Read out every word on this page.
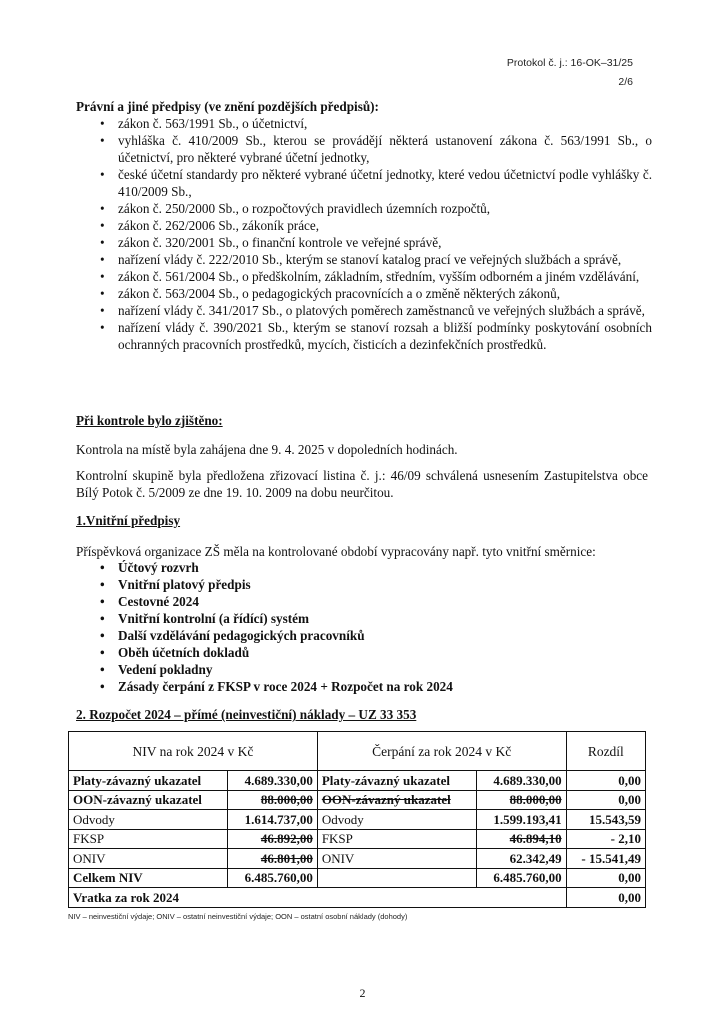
Protokol č. j.: 16-OK–31/25
2/6
Právní a jiné předpisy (ve znění pozdějších předpisů):
• zákon č. 563/1991 Sb., o účetnictví,
• vyhláška č. 410/2009 Sb., kterou se provádějí některá ustanovení zákona č. 563/1991 Sb., o účetnictví, pro některé vybrané účetní jednotky,
• české účetní standardy pro některé vybrané účetní jednotky, které vedou účetnictví podle vyhlášky č. 410/2009 Sb.,
• zákon č. 250/2000 Sb., o rozpočtových pravidlech územních rozpočtů,
• zákon č. 262/2006 Sb., zákoník práce,
• zákon č. 320/2001 Sb., o finanční kontrole ve veřejné správě,
• nařízení vlády č. 222/2010 Sb., kterým se stanoví katalog prací ve veřejných službách a správě,
• zákon č. 561/2004 Sb., o předškolním, základním, středním, vyšším odborném a jiném vzdělávání,
• zákon č. 563/2004 Sb., o pedagogických pracovnících a o změně některých zákonů,
• nařízení vlády č. 341/2017 Sb., o platových poměrech zaměstnanců ve veřejných službách a správě,
• nařízení vlády č. 390/2021 Sb., kterým se stanoví rozsah a bližší podmínky poskytování osobních ochranných pracovních prostředků, mycích, čisticích a dezinfekčních prostředků.
Při kontrole bylo zjištěno:
Kontrola na místě byla zahájena dne 9. 4. 2025 v dopoledních hodinách.
Kontrolní skupině byla předložena zřizovací listina č. j.: 46/09 schválená usnesením Zastupitelstva obce Bílý Potok č. 5/2009 ze dne 19. 10. 2009 na dobu neurčitou.
1.Vnitřní předpisy
Příspěvková organizace ZŠ měla na kontrolované období vypracovány např. tyto vnitřní směrnice:
• Účtový rozvrh
• Vnitřní platový předpis
• Cestovné 2024
• Vnitřní kontrolní (a řídící) systém
• Další vzdělávání pedagogických pracovníků
• Oběh účetních dokladů
• Vedení pokladny
• Zásady čerpání z FKSP v roce 2024 + Rozpočet na rok 2024
2. Rozpočet 2024 – přímé (neinvestiční) náklady – UZ 33 353
NIV na rok 2024 v Kč		Čerpání za rok 2024 v Kč		Rozdíl
Platy-závazný ukazatel	4.689.330,00	Platy-závazný ukazatel	4.689.330,00	0,00
OON-závazný ukazatel	88.000,00	OON-závazný ukazatel	88.000,00	0,00
Odvody	1.614.737,00	Odvody	1.599.193,41	15.543,59
FKSP	46.892,00	FKSP	46.894,10	- 2,10
ONIV	46.801,00	ONIV	62.342,49	- 15.541,49
Celkem NIV	6.485.760,00		6.485.760,00	0,00
Vratka za rok 2024				0,00
NIV – neinvestiční výdaje; ONIV – ostatní neinvestiční výdaje; OON – ostatní osobní náklady (dohody)
2
